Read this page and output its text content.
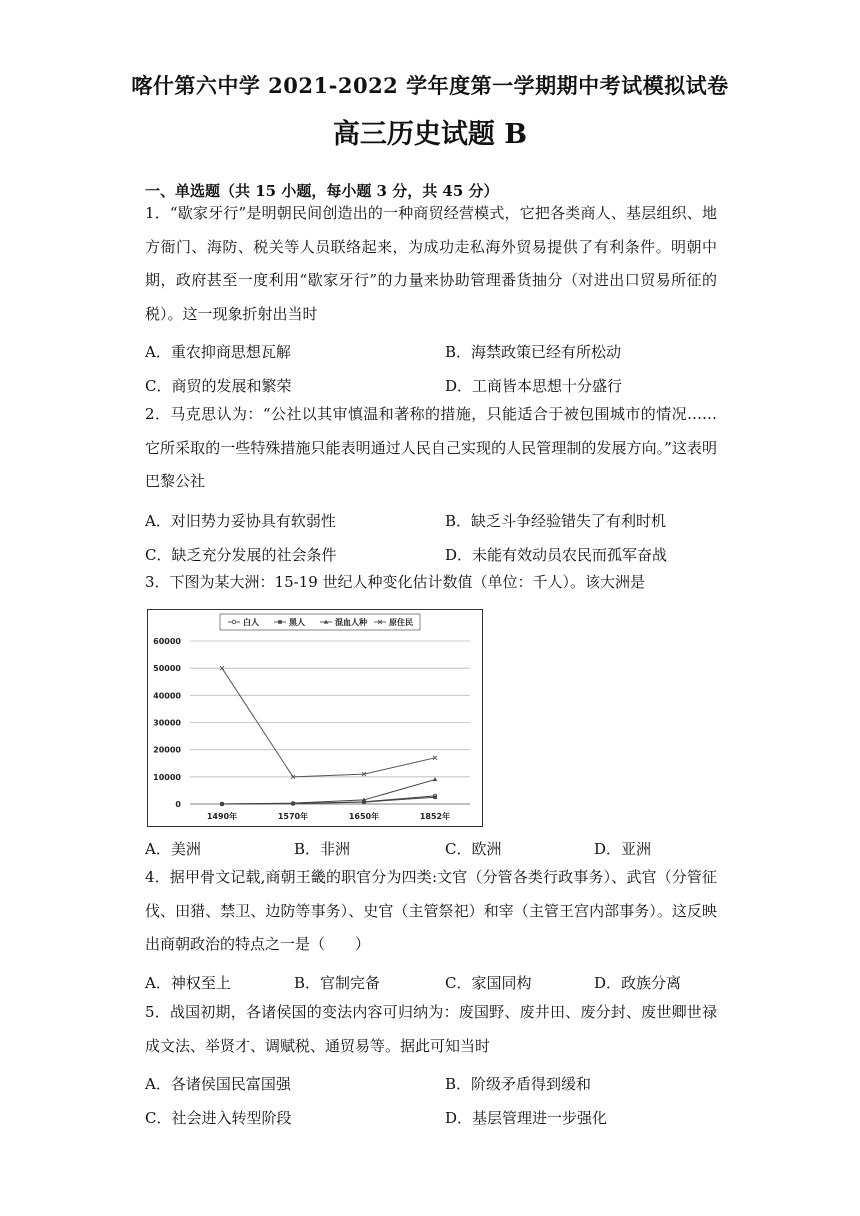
喀什第六中学 2021-2022 学年度第一学期期中考试模拟试卷
高三历史试题 B
一、单选题（共 15 小题，每小题 3 分，共 45 分）
1．“歇家牙行”是明朝民间创造出的一种商贸经营模式，它把各类商人、基层组织、地方衙门、海防、税关等人员联络起来，为成功走私海外贸易提供了有利条件。明朝中期，政府甚至一度利用“歇家牙行”的力量来协助管理番货抽分（对进出口贸易所征的税）。这一现象折射出当时
A．重农抑商思想瓦解	B．海禁政策已经有所松动
C．商贸的发展和繁荣	D．工商皆本思想十分盛行
2．马克思认为：“公社以其审慎温和著称的措施，只能适合于被包围城市的情况……它所采取的一些特殊措施只能表明通过人民自己实现的人民管理制的发展方向。”这表明巴黎公社
A．对旧势力妥协具有软弱性	B．缺乏斗争经验错失了有利时机
C．缺乏充分发展的社会条件	D．未能有效动员农民而孤军奋战
3．下图为某大洲：15-19 世纪人种变化估计数值（单位：千人）。该大洲是
0
10000
20000
30000
40000
50000
60000
1490年	1570年	1650年	1852年
白人	黑人	混血人种	原住民
A．美洲	B．非洲	C．欧洲	D．亚洲
4．据甲骨文记载,商朝王畿的职官分为四类:文官（分管各类行政事务）、武官（分管征伐、田猎、禁卫、边防等事务）、史官（主管祭祀）和宰（主管王宫内部事务）。这反映出商朝政治的特点之一是（　　）
A．神权至上	B．官制完备	C．家国同构	D．政族分离
5．战国初期，各诸侯国的变法内容可归纳为：废国野、废井田、废分封、废世卿世禄成文法、举贤才、调赋税、通贸易等。据此可知当时
A．各诸侯国民富国强	B．阶级矛盾得到缓和
C．社会进入转型阶段	D．基层管理进一步强化
